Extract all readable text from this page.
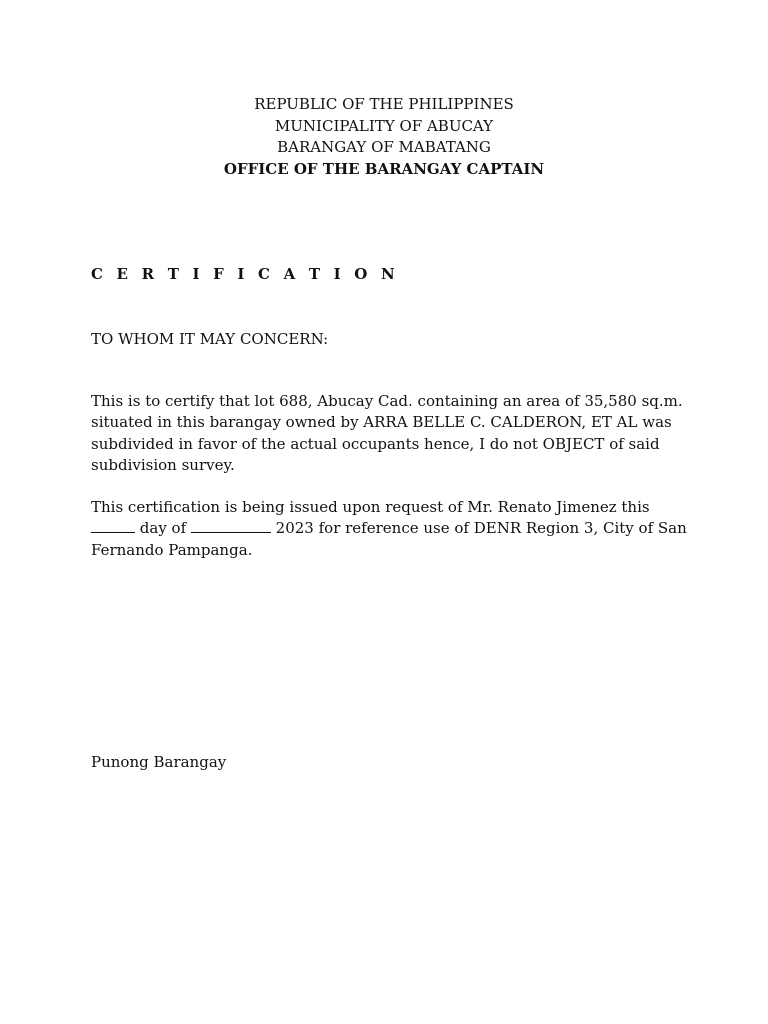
REPUBLIC OF THE PHILIPPINES
MUNICIPALITY OF ABUCAY
BARANGAY OF MABATANG
OFFICE OF THE BARANGAY CAPTAIN
C E R T I F I C A T I O N
TO WHOM IT MAY CONCERN:
This is to certify that lot 688, Abucay Cad. containing an area of 35,580 sq.m.
situated in this barangay owned by ARRA BELLE C. CALDERON, ET AL was
subdivided in favor of the actual occupants hence, I do not OBJECT of said
subdivision survey.
This certification is being issued upon request of Mr. Renato Jimenez this
day of	2023 for reference use of DENR Region 3, City of San
Fernando Pampanga.
Punong Barangay
